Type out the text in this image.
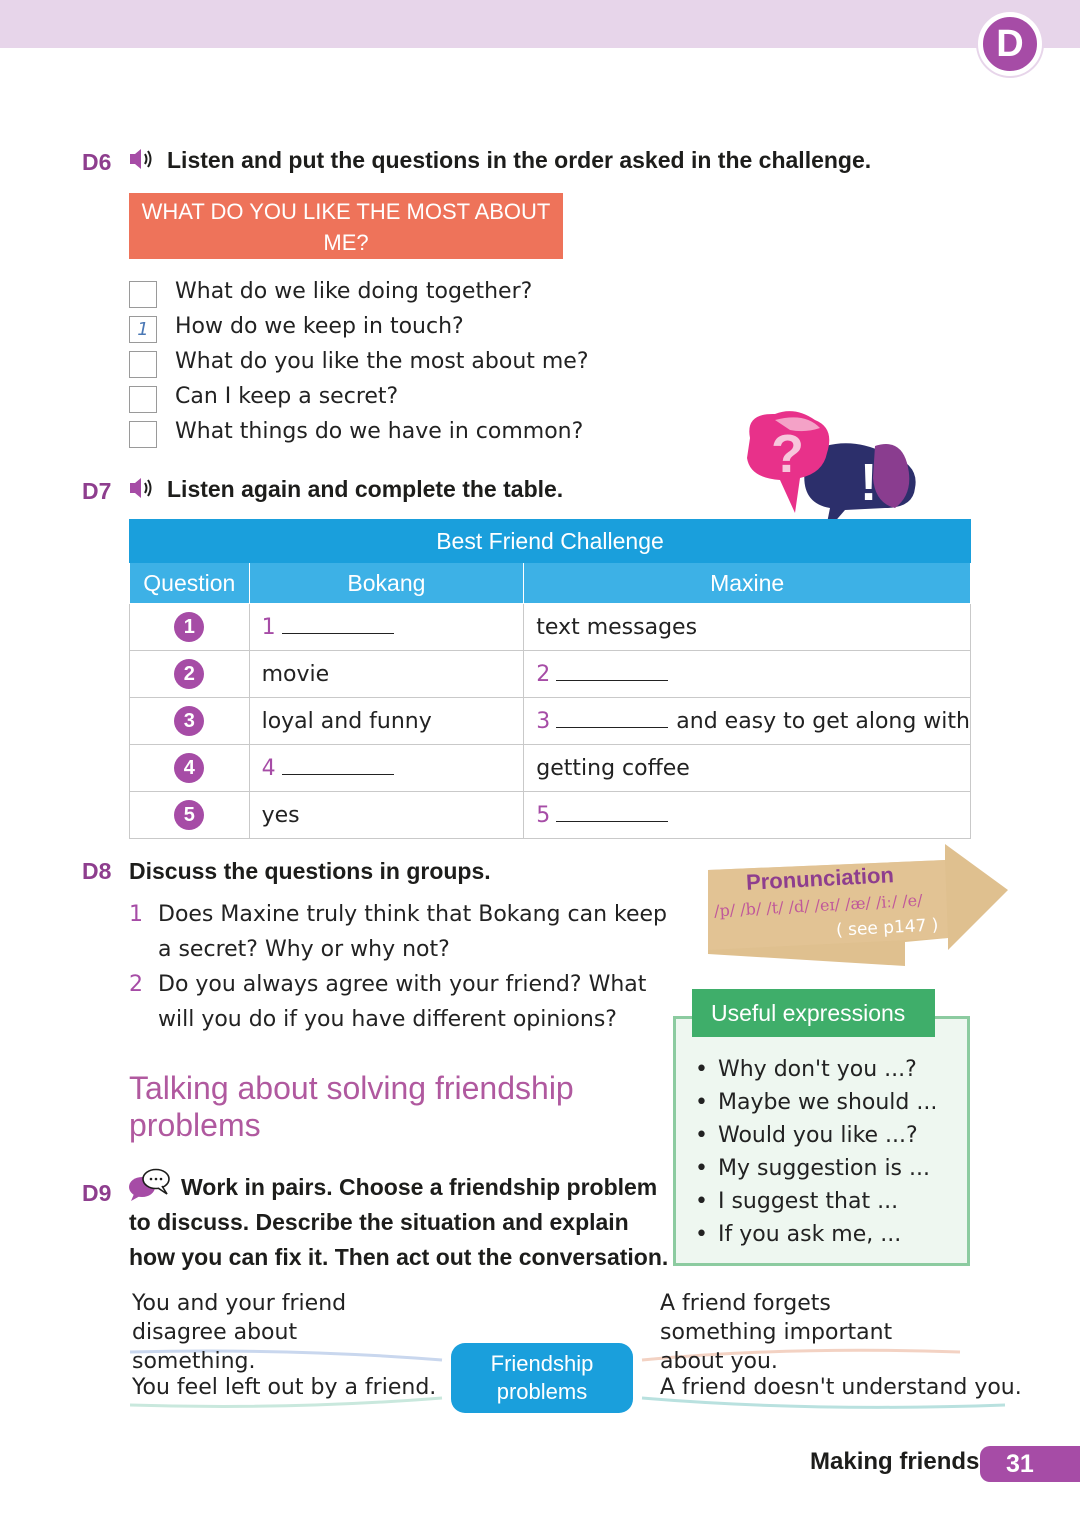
D
D6 Listen and put the questions in the order asked in the challenge.
WHAT DO YOU LIKE THE MOST ABOUT ME?
What do we like doing together?
1	How do we keep in touch?
What do you like the most about me?
Can I keep a secret?
What things do we have in common?
!
?
D7 Listen again and complete the table.
Best Friend Challenge		
Question	Bokang	Maxine
1	1	text messages
2	movie	2
3	loyal and funny	3 and easy to get along with
4	4	getting coffee
5	yes	5
D8 Discuss the questions in groups.
1 Does Maxine truly think that Bokang can keep a secret? Why or why not?
2 Do you always agree with your friend? What will you do if you have different opinions?
Pronunciation
/p/ /b/ /t/ /d/ /eɪ/ /æ/ /iː/ /e/
( see p147 )
Useful expressions
• Why don't you ...?
• Maybe we should ...
• Would you like ...?
• My suggestion is ...
• I suggest that ...
• If you ask me, ...
Talking about solving friendship problems
D9	Work in pairs. Choose a friendship problem to discuss. Describe the situation and explain how you can fix it. Then act out the conversation.
You and your friend disagree about something.
You feel left out by a friend.
A friend forgets something important about you.
A friend doesn't understand you.
Friendship problems
Making friends	31
